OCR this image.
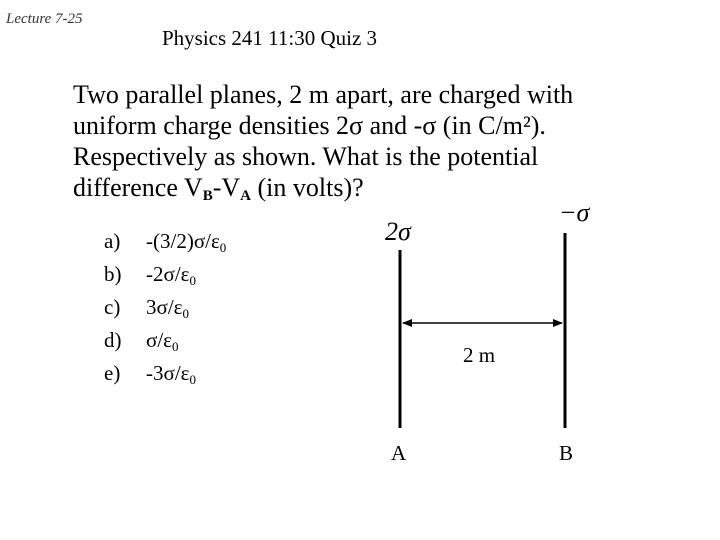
Lecture 7-25
Physics 241 11:30 Quiz 3
Two parallel planes, 2 m apart, are charged with
uniform charge densities 2σ and -σ (in C/m²).
Respectively as shown. What is the potential
difference $V_B-V_A$ (in volts)?
a)	$-(3/2)\sigma/\varepsilon_0$
b)	$-2\sigma/\varepsilon_0$
c)	$3\sigma/\varepsilon_0$
d)	$\sigma/\varepsilon_0$
e)	$-3\sigma/\varepsilon_0$
2σ
−σ
2 m
A	B
